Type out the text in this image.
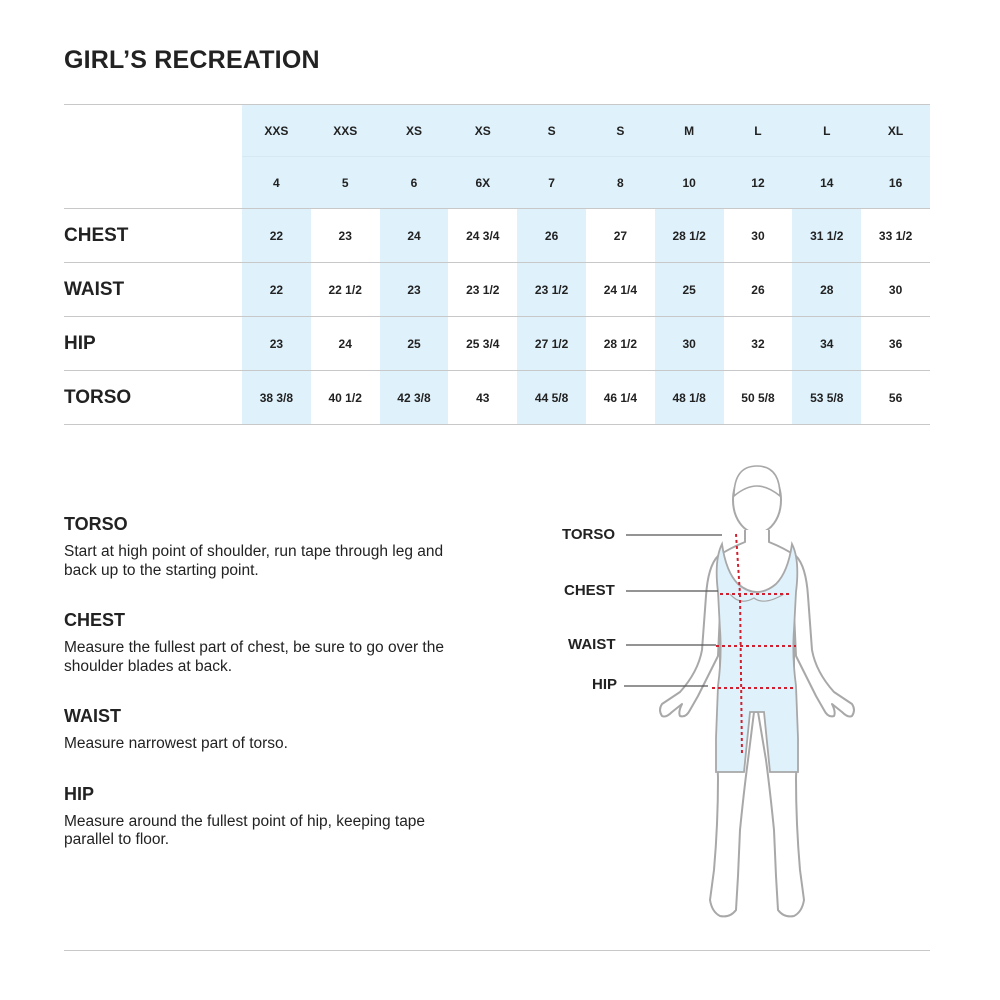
GIRL’S RECREATION
	XXS	XXS	XS	XS	S	S	M	L	L	XL
	4	5	6	6X	7	8	10	12	14	16
CHEST	22	23	24	24 3/4	26	27	28 1/2	30	31 1/2	33 1/2
WAIST	22	22 1/2	23	23 1/2	23 1/2	24 1/4	25	26	28	30
HIP	23	24	25	25 3/4	27 1/2	28 1/2	30	32	34	36
TORSO	38 3/8	40 1/2	42 3/8	43	44 5/8	46 1/4	48 1/8	50 5/8	53 5/8	56
TORSO

Start at high point of shoulder, run tape through leg and back up to the starting point.

CHEST

Measure the fullest part of chest, be sure to go over the shoulder blades at back.

WAIST

Measure narrowest part of torso.

HIP

Measure around the fullest point of hip, keeping tape parallel to floor.

TORSO
CHEST
WAIST
HIP
